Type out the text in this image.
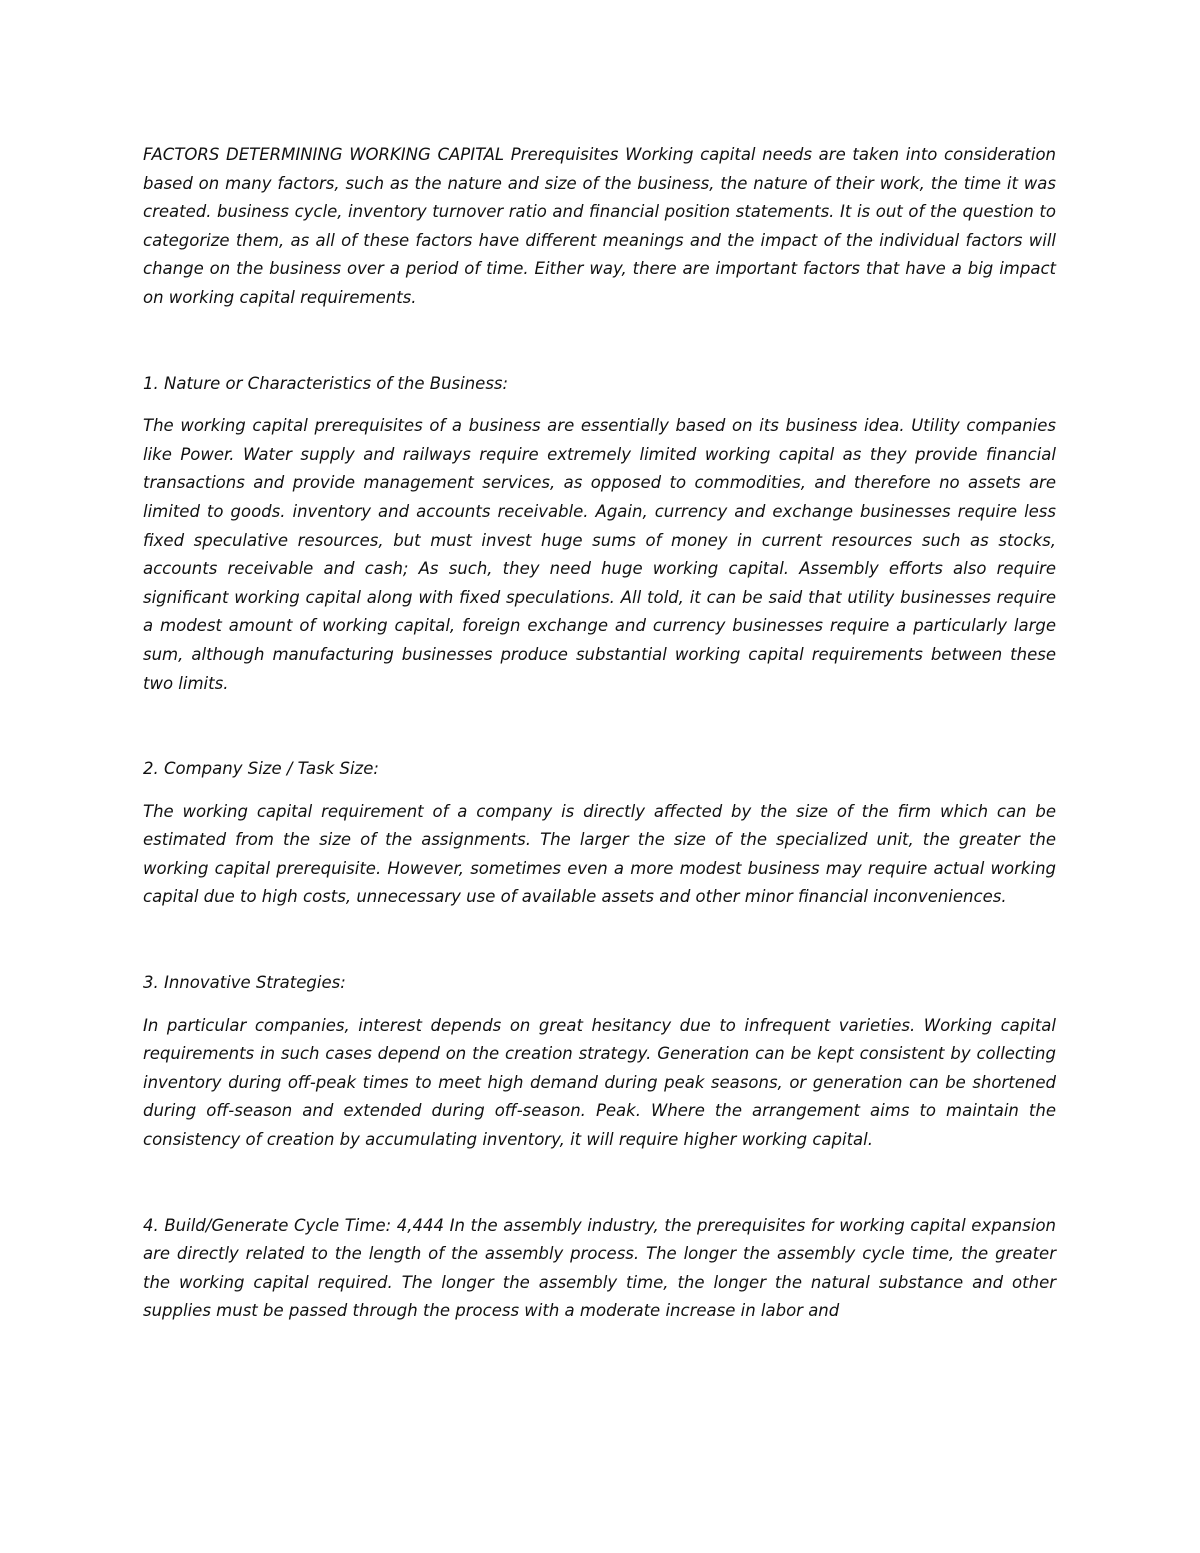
FACTORS DETERMINING WORKING CAPITAL Prerequisites Working capital needs are taken into consideration based on many factors, such as the nature and size of the business, the nature of their work, the time it was created. business cycle, inventory turnover ratio and financial position statements. It is out of the question to categorize them, as all of these factors have different meanings and the impact of the individual factors will change on the business over a period of time. Either way, there are important factors that have a big impact on working capital requirements.

1. Nature or Characteristics of the Business:

The working capital prerequisites of a business are essentially based on its business idea. Utility companies like Power. Water supply and railways require extremely limited working capital as they provide financial transactions and provide management services, as opposed to commodities, and therefore no assets are limited to goods. inventory and accounts receivable. Again, currency and exchange businesses require less fixed speculative resources, but must invest huge sums of money in current resources such as stocks, accounts receivable and cash; As such, they need huge working capital. Assembly efforts also require significant working capital along with fixed speculations. All told, it can be said that utility businesses require a modest amount of working capital, foreign exchange and currency businesses require a particularly large sum, although manufacturing businesses produce substantial working capital requirements between these two limits.

2. Company Size / Task Size:

The working capital requirement of a company is directly affected by the size of the firm which can be estimated from the size of the assignments. The larger the size of the specialized unit, the greater the working capital prerequisite. However, sometimes even a more modest business may require actual working capital due to high costs, unnecessary use of available assets and other minor financial inconveniences.

3. Innovative Strategies:

In particular companies, interest depends on great hesitancy due to infrequent varieties. Working capital requirements in such cases depend on the creation strategy. Generation can be kept consistent by collecting inventory during off-peak times to meet high demand during peak seasons, or generation can be shortened during off-season and extended during off-season. Peak. Where the arrangement aims to maintain the consistency of creation by accumulating inventory, it will require higher working capital.

4. Build/Generate Cycle Time: 4,444 In the assembly industry, the prerequisites for working capital expansion are directly related to the length of the assembly process. The longer the assembly cycle time, the greater the working capital required. The longer the assembly time, the longer the natural substance and other supplies must be passed through the process with a moderate increase in labor and
